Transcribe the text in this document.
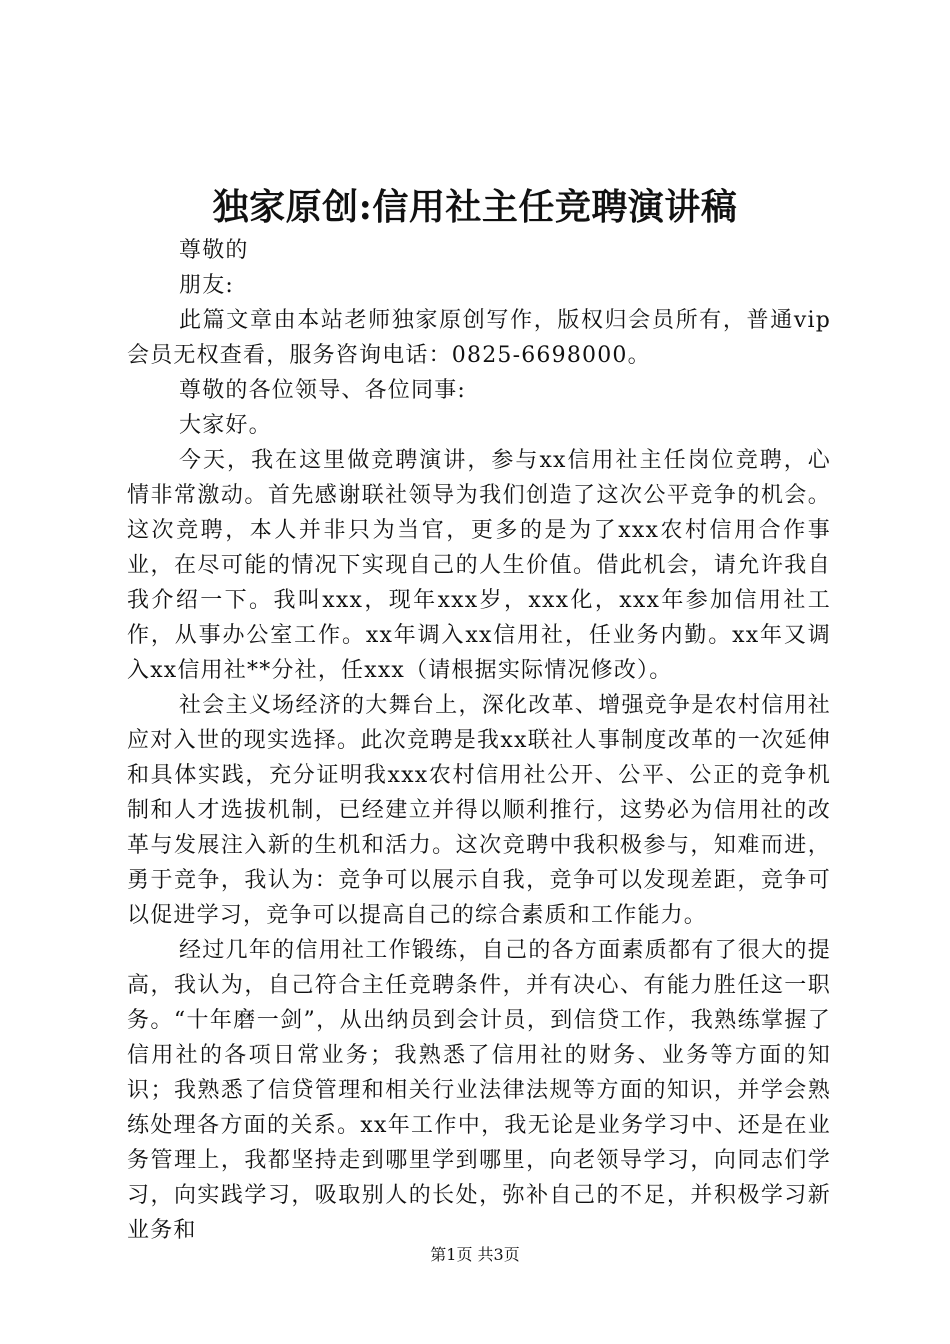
独家原创:信用社主任竞聘演讲稿

尊敬的

朋友:

此篇文章由本站老师独家原创写作，版权归会员所有，普通vip会员无权查看，服务咨询电话：0825-6698000。

尊敬的各位领导、各位同事:

大家好。

今天，我在这里做竞聘演讲，参与xx信用社主任岗位竞聘，心情非常激动。首先感谢联社领导为我们创造了这次公平竞争的机会。这次竞聘，本人并非只为当官，更多的是为了xxx农村信用合作事业，在尽可能的情况下实现自己的人生价值。借此机会，请允许我自我介绍一下。我叫xxx，现年xxx岁，xxx化，xxx年参加信用社工作，从事办公室工作。xx年调入xx信用社，任业务内勤。xx年又调入xx信用社**分社，任xxx（请根据实际情况修改）。

社会主义场经济的大舞台上，深化改革、增强竞争是农村信用社应对入世的现实选择。此次竞聘是我xx联社人事制度改革的一次延伸和具体实践，充分证明我xxx农村信用社公开、公平、公正的竞争机制和人才选拔机制，已经建立并得以顺利推行，这势必为信用社的改革与发展注入新的生机和活力。这次竞聘中我积极参与，知难而进，勇于竞争，我认为：竞争可以展示自我，竞争可以发现差距，竞争可以促进学习，竞争可以提高自己的综合素质和工作能力。

经过几年的信用社工作锻练，自己的各方面素质都有了很大的提高，我认为，自己符合主任竞聘条件，并有决心、有能力胜任这一职务。“十年磨一剑”，从出纳员到会计员，到信贷工作，我熟练掌握了信用社的各项日常业务；我熟悉了信用社的财务、业务等方面的知识；我熟悉了信贷管理和相关行业法律法规等方面的知识，并学会熟练处理各方面的关系。xx年工作中，我无论是业务学习中、还是在业务管理上，我都坚持走到哪里学到哪里，向老领导学习，向同志们学习，向实践学习，吸取别人的长处，弥补自己的不足，并积极学习新业务和

第1页 共3页
